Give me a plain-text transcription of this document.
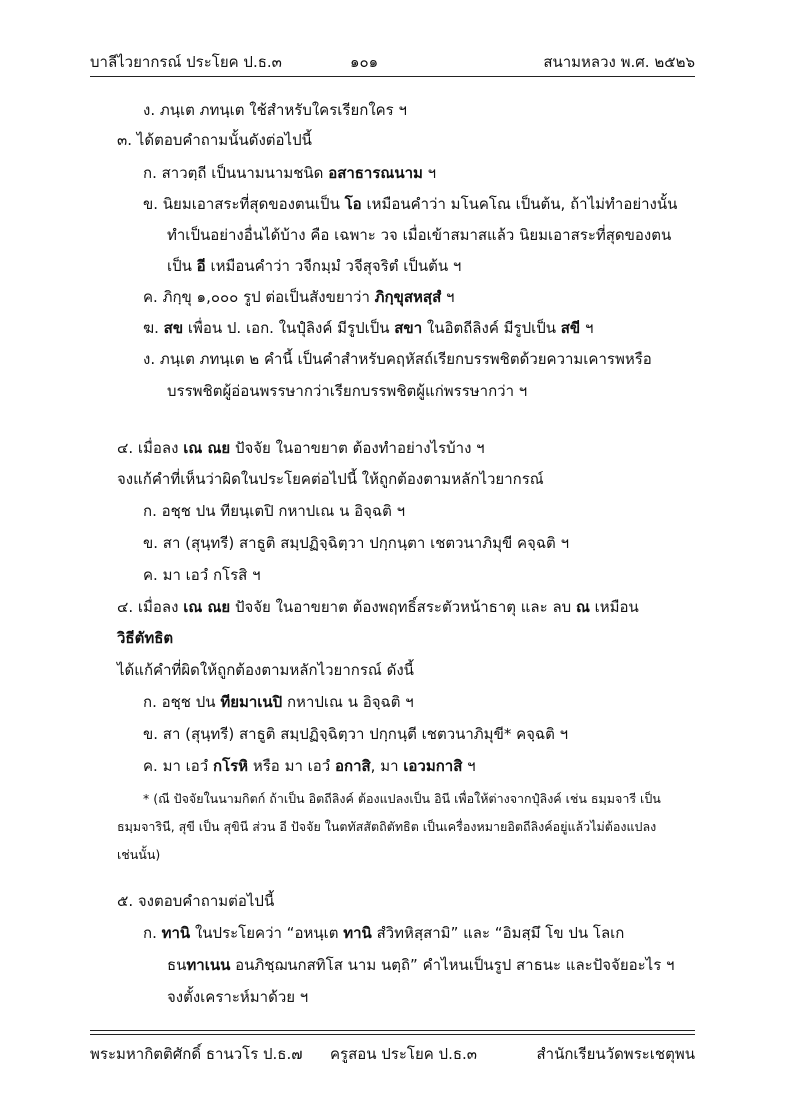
บาลีไวยากรณ์ ประโยค ป.ธ.๓	๑๐๑	สนามหลวง พ.ศ. ๒๕๒๖
ง. ภนฺเต ภทนฺเต ใช้สำหรับใครเรียกใคร ฯ
๓. ได้ตอบคำถามนั้นดังต่อไปนี้
ก. สาวตฺถี เป็นนามนามชนิด อสาธารณนาม ฯ
ข. นิยมเอาสระที่สุดของตนเป็น โอ เหมือนคำว่า มโนคโณ เป็นต้น, ถ้าไม่ทำอย่างนั้น
ทำเป็นอย่างอื่นได้บ้าง คือ เฉพาะ วจ เมื่อเข้าสมาสแล้ว นิยมเอาสระที่สุดของตน
เป็น อี เหมือนคำว่า วจีกมฺมํ วจีสุจริตํ เป็นต้น ฯ
ค. ภิกฺขุ ๑,๐๐๐ รูป ต่อเป็นสังขยาว่า ภิกฺขุสหสฺสํ ฯ
ฆ. สข เพื่อน ป. เอก. ในปุํลิงค์ มีรูปเป็น สขา ในอิตถีลิงค์ มีรูปเป็น สขี ฯ
ง. ภนฺเต ภทนฺเต ๒ คำนี้ เป็นคำสำหรับคฤหัสถ์เรียกบรรพชิตด้วยความเคารพหรือ
บรรพชิตผู้อ่อนพรรษากว่าเรียกบรรพชิตผู้แก่พรรษากว่า ฯ
๔. เมื่อลง เณ ณย ปัจจัย ในอาขยาต ต้องทำอย่างไรบ้าง ฯ
จงแก้คำที่เห็นว่าผิดในประโยคต่อไปนี้ ให้ถูกต้องตามหลักไวยากรณ์
ก. อชฺช ปน ทียนฺเตปิ กหาปเณ น อิจฺฉติ ฯ
ข. สา (สุนฺทรี) สาธูติ สมฺปฏิจฺฉิตฺวา ปกฺกนฺตา เชตวนาภิมุขี คจฺฉติ ฯ
ค. มา เอวํ กโรสิ ฯ
๔. เมื่อลง เณ ณย ปัจจัย ในอาขยาต ต้องพฤทธิ์สระตัวหน้าธาตุ และ ลบ ณ เหมือน
วิธีตัทธิต
ได้แก้คำที่ผิดให้ถูกต้องตามหลักไวยากรณ์ ดังนี้
ก. อชฺช ปน ทียมาเนปิ กหาปเณ น อิจฺฉติ ฯ
ข. สา (สุนฺทรี) สาธูติ สมฺปฏิจฺฉิตฺวา ปกฺกนฺตี เชตวนาภิมุขี* คจฺฉติ ฯ
ค. มา เอวํ กโรหิ หรือ มา เอวํ อกาสิ, มา เอวมกาสิ ฯ
* (ณี ปัจจัยในนามกิตก์ ถ้าเป็น อิตถีลิงค์ ต้องแปลงเป็น อินี เพื่อให้ต่างจากปุํลิงค์ เช่น ธมฺมจารี เป็น
ธมฺมจารินี, สุขี เป็น สุขินี ส่วน อี ปัจจัย ในตทัสสัตถิตัทธิต เป็นเครื่องหมายอิตถีลิงค์อยู่แล้วไม่ต้องแปลง
เช่นนั้น)
๕. จงตอบคำถามต่อไปนี้
ก. ทานิ ในประโยคว่า “อหนฺเต ทานิ สํวิทหิสฺสามิ” และ “อิมสฺมึ โข ปน โลเก
ธนทาเนน อนภิชฺฌนกสทิโส นาม นตฺถิ” คำไหนเป็นรูป สาธนะ และปัจจัยอะไร ฯ
จงตั้งเคราะห์มาด้วย ฯ
พระมหากิตติศักดิ์ ธานวโร ป.ธ.๗ ครูสอน ประโยค ป.ธ.๓	สำนักเรียนวัดพระเชตุพน
